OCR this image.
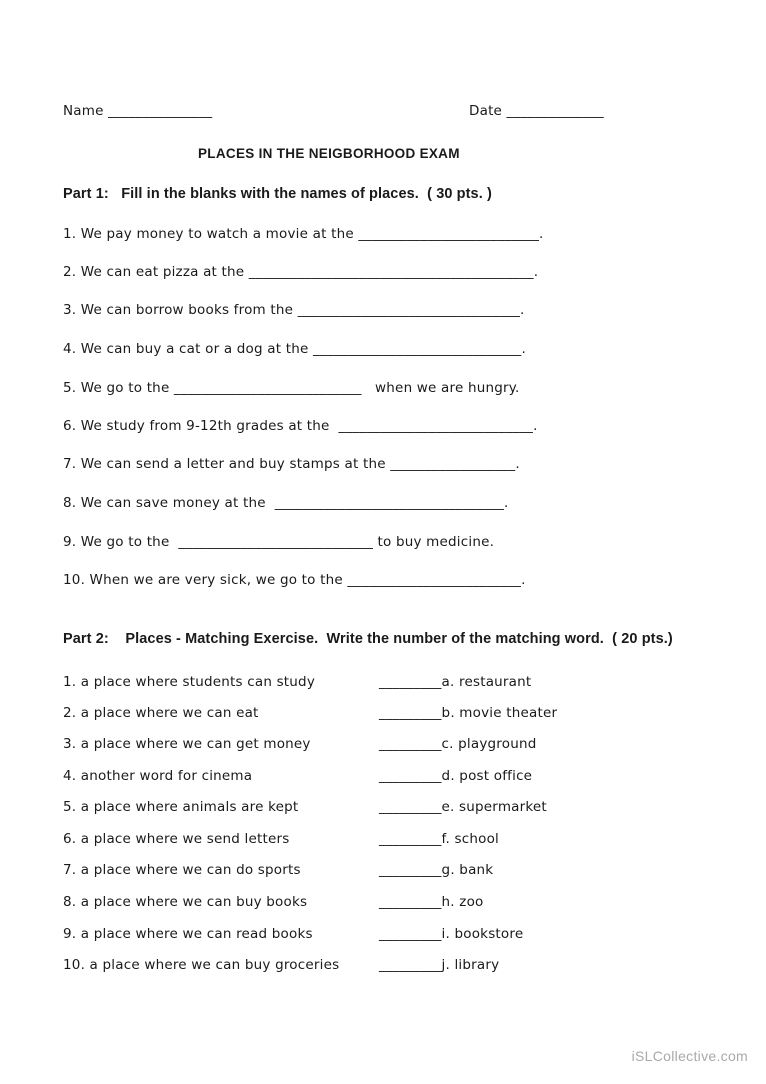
Name _______________	Date ______________
PLACES IN THE NEIGBORHOOD EXAM
Part 1:   Fill in the blanks with the names of places.  ( 30 pts. )
1. We pay money to watch a movie at the __________________________.
2. We can eat pizza at the _________________________________________.
3. We can borrow books from the ________________________________.
4. We can buy a cat or a dog at the ______________________________.
5. We go to the ___________________________   when we are hungry.
6. We study from 9-12th grades at the  ____________________________.
7. We can send a letter and buy stamps at the __________________.
8. We can save money at the  _________________________________.
9. We go to the  ____________________________ to buy medicine.
10. When we are very sick, we go to the _________________________.
Part 2:    Places - Matching Exercise.  Write the number of the matching word.  ( 20 pts.)
1. a place where students can study
2. a place where we can eat
3. a place where we can get money
4. another word for cinema
5. a place where animals are kept
6. a place where we send letters
7. a place where we can do sports
8. a place where we can buy books
9. a place where we can read books
10. a place where we can buy groceries
_________a. restaurant
_________b. movie theater
_________c. playground
_________d. post office
_________e. supermarket
_________f. school
_________g. bank
_________h. zoo
_________i. bookstore
_________j. library
iSLCollective.com
